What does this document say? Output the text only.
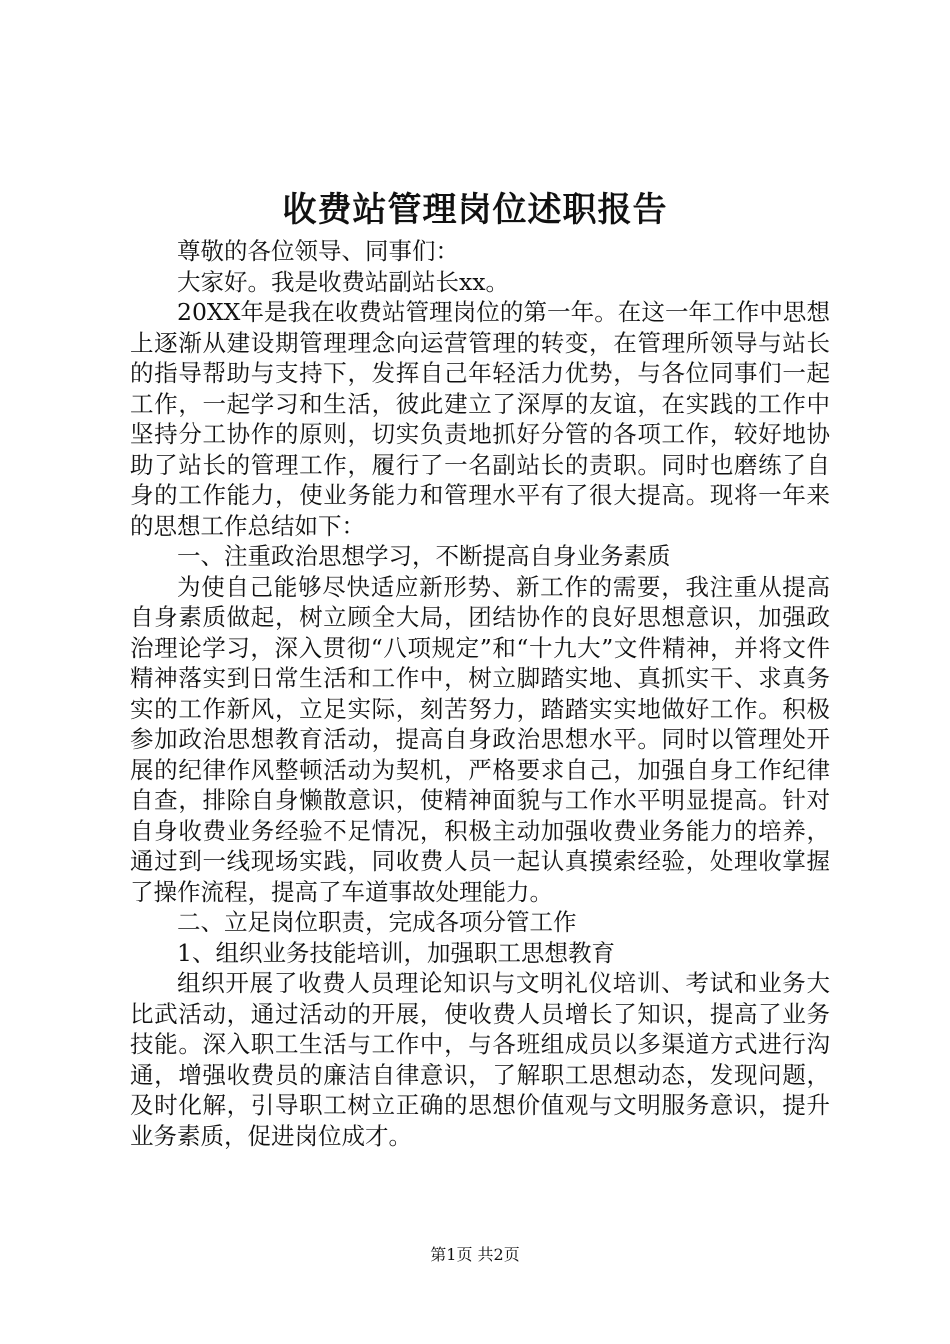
收费站管理岗位述职报告

尊敬的各位领导、同事们：

大家好。我是收费站副站长xx。

20XX年是我在收费站管理岗位的第一年。在这一年工作中思想上逐渐从建设期管理理念向运营管理的转变，在管理所领导与站长的指导帮助与支持下，发挥自己年轻活力优势，与各位同事们一起工作，一起学习和生活，彼此建立了深厚的友谊，在实践的工作中坚持分工协作的原则，切实负责地抓好分管的各项工作，较好地协助了站长的管理工作，履行了一名副站长的责职。同时也磨练了自身的工作能力，使业务能力和管理水平有了很大提高。现将一年来的思想工作总结如下：

一、注重政治思想学习，不断提高自身业务素质

为使自己能够尽快适应新形势、新工作的需要，我注重从提高自身素质做起，树立顾全大局，团结协作的良好思想意识，加强政治理论学习，深入贯彻“八项规定”和“十九大”文件精神，并将文件精神落实到日常生活和工作中，树立脚踏实地、真抓实干、求真务实的工作新风，立足实际，刻苦努力，踏踏实实地做好工作。积极参加政治思想教育活动，提高自身政治思想水平。同时以管理处开展的纪律作风整顿活动为契机，严格要求自己，加强自身工作纪律自查，排除自身懒散意识，使精神面貌与工作水平明显提高。针对自身收费业务经验不足情况，积极主动加强收费业务能力的培养，通过到一线现场实践，同收费人员一起认真摸索经验，处理收掌握了操作流程，提高了车道事故处理能力。

二、立足岗位职责，完成各项分管工作

1、组织业务技能培训，加强职工思想教育

组织开展了收费人员理论知识与文明礼仪培训、考试和业务大比武活动，通过活动的开展，使收费人员增长了知识，提高了业务技能。深入职工生活与工作中，与各班组成员以多渠道方式进行沟通，增强收费员的廉洁自律意识，了解职工思想动态，发现问题，及时化解，引导职工树立正确的思想价值观与文明服务意识，提升业务素质，促进岗位成才。

第1页 共2页
